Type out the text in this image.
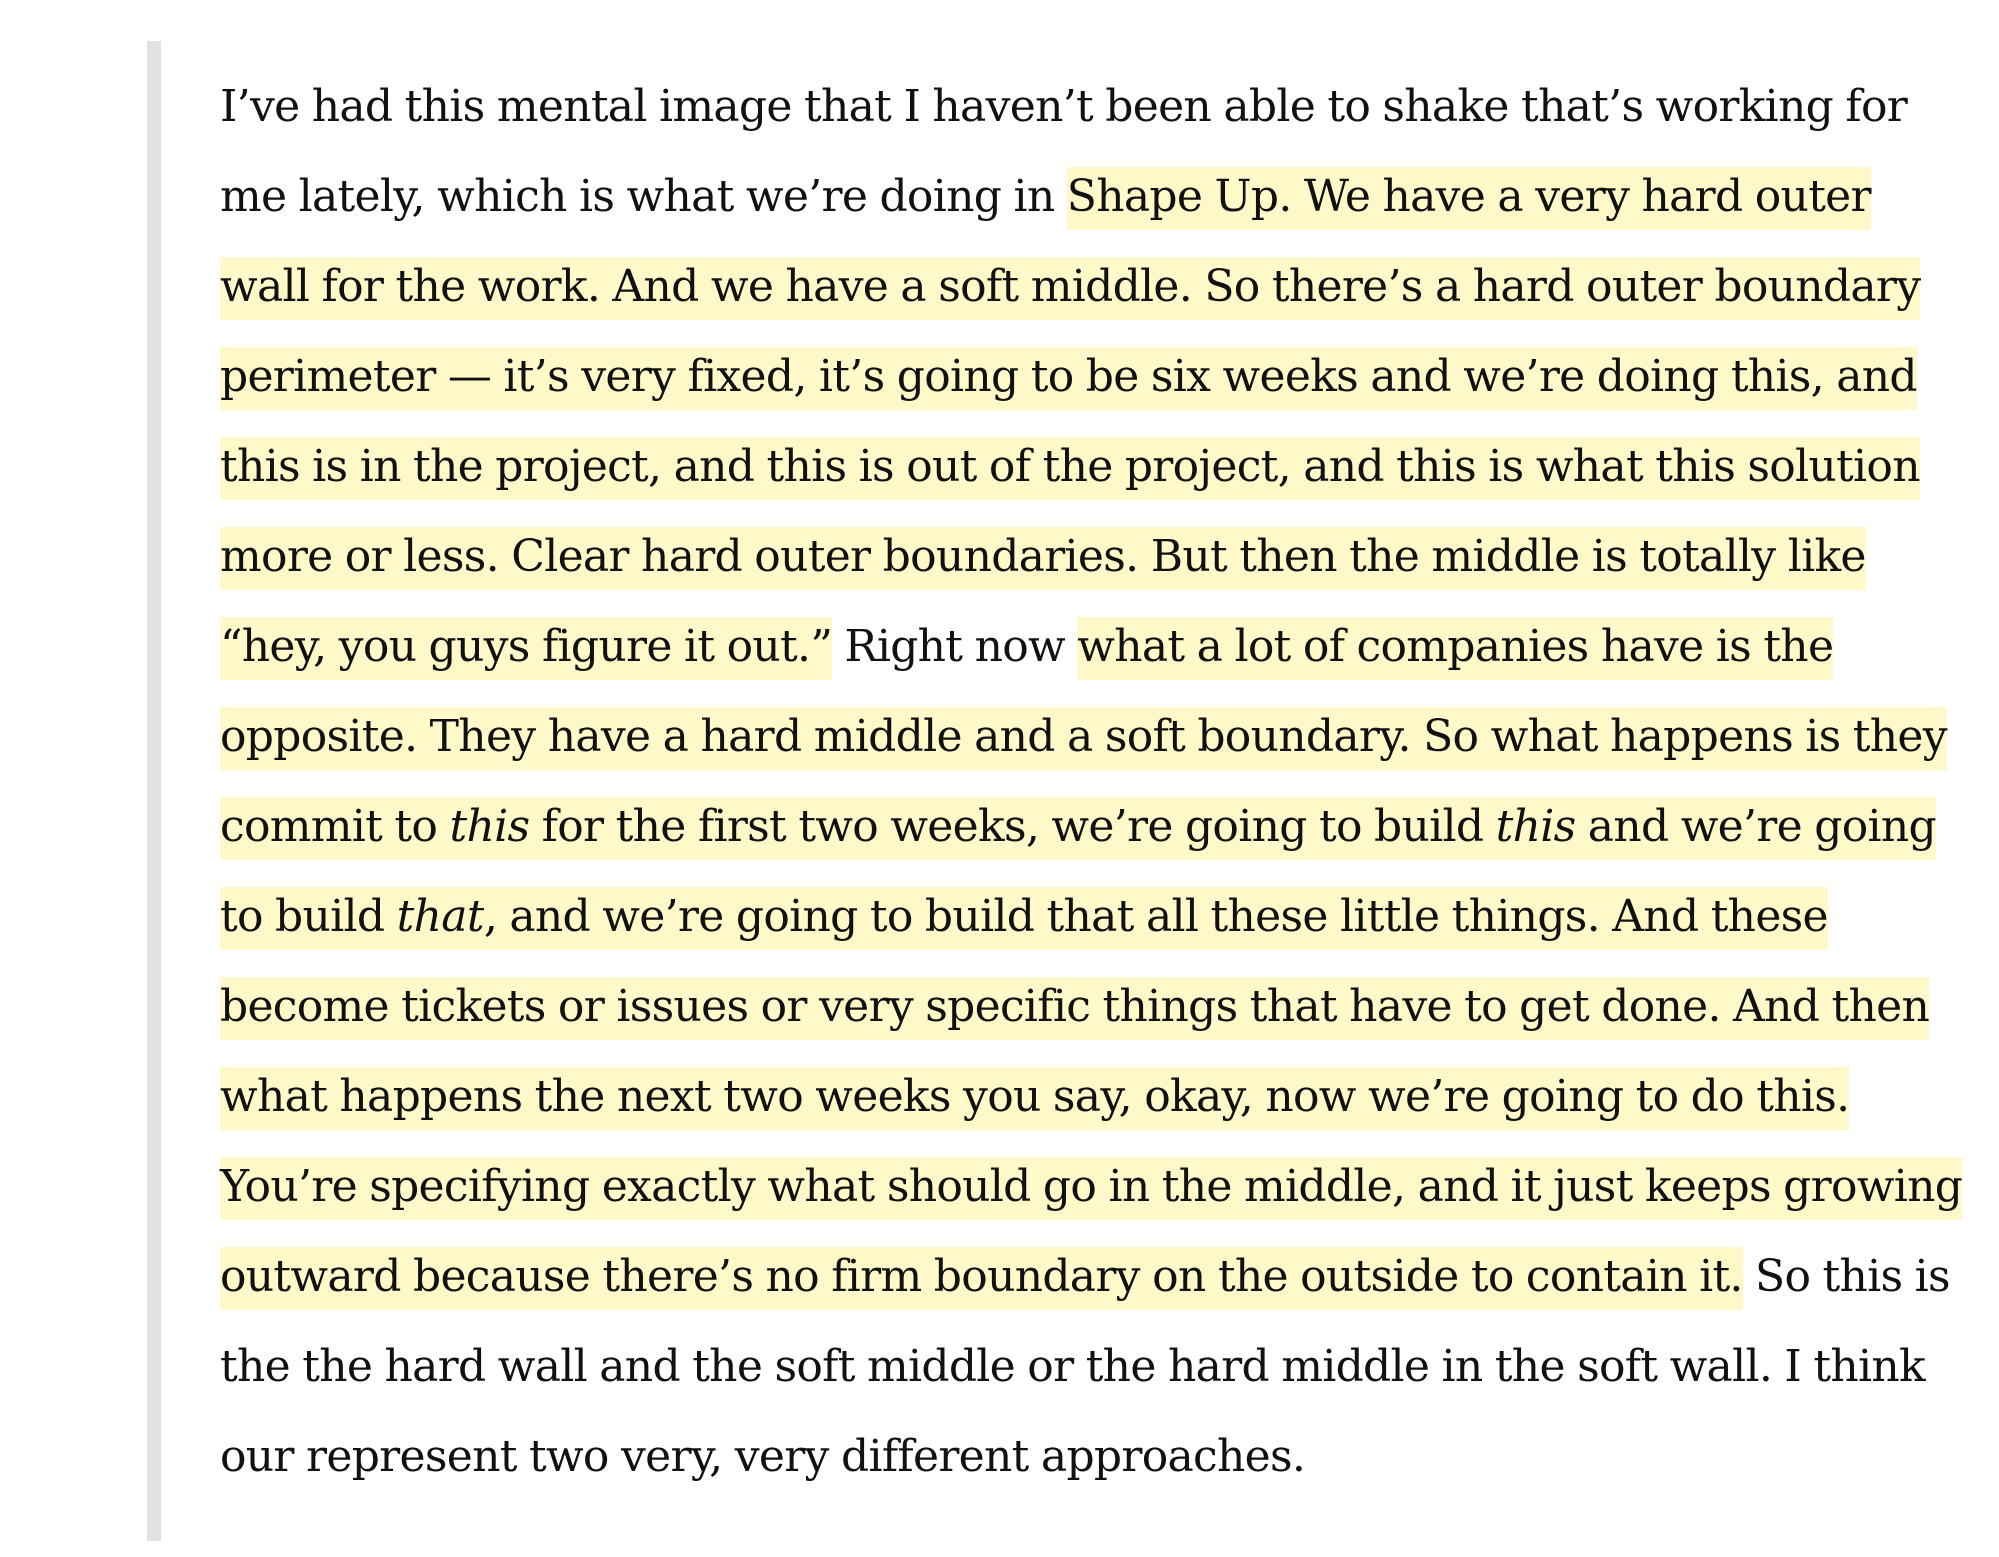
I’ve had this mental image that I haven’t been able to shake that’s working for me lately, which is what we’re doing in Shape Up. We have a very hard outer wall for the work. And we have a soft middle. So there’s a hard outer boundary perimeter — it’s very fixed, it’s going to be six weeks and we’re doing this, and this is in the project, and this is out of the project, and this is what this solution more or less. Clear hard outer boundaries. But then the middle is totally like “hey, you guys figure it out.” Right now what a lot of companies have is the opposite. They have a hard middle and a soft boundary. So what happens is they commit to this for the first two weeks, we’re going to build this and we’re going to build that, and we’re going to build that all these little things. And these become tickets or issues or very specific things that have to get done. And then what happens the next two weeks you say, okay, now we’re going to do this. You’re specifying exactly what should go in the middle, and it just keeps growing outward because there’s no firm boundary on the outside to contain it. So this is the the hard wall and the soft middle or the hard middle in the soft wall. I think our represent two very, very different approaches.
